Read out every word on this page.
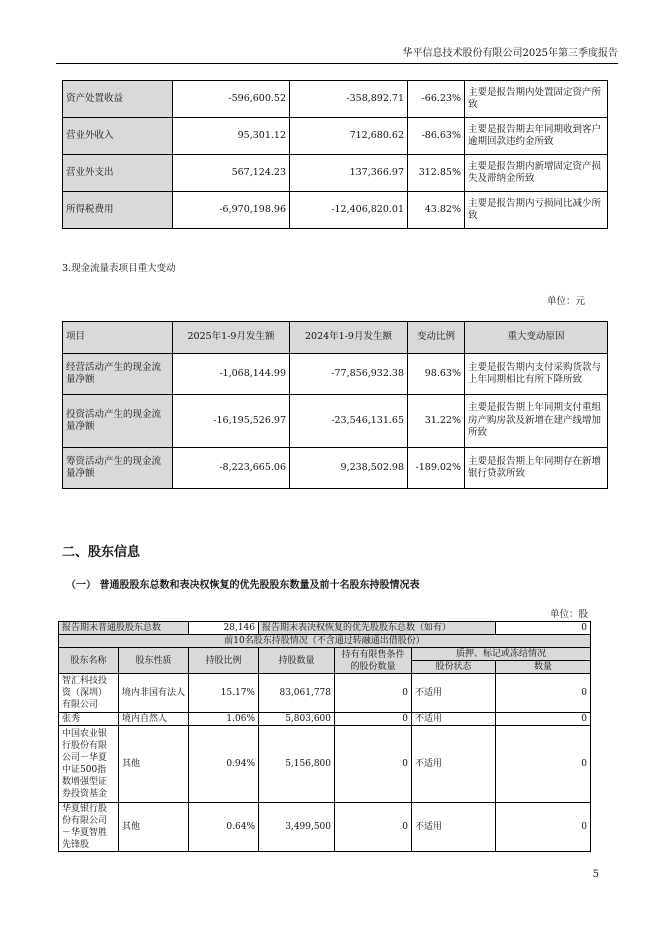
华平信息技术股份有限公司2025年第三季度报告
资产处置收益	-596,600.52	-358,892.71	-66.23%	主要是报告期内处置固定资产所致
营业外收入	95,301.12	712,680.62	-86.63%	主要是报告期去年同期收到客户逾期回款违约金所致
营业外支出	567,124.23	137,366.97	312.85%	主要是报告期内新增固定资产损失及滞纳金所致
所得税费用	-6,970,198.96	-12,406,820.01	43.82%	主要是报告期内亏损同比减少所致
3.现金流量表项目重大变动
单位：元
项目	2025年1-9月发生额	2024年1-9月发生额	变动比例	重大变动原因
经营活动产生的现金流量净额	-1,068,144.99	-77,856,932.38	98.63%	主要是报告期内支付采购货款与上年同期相比有所下降所致
投资活动产生的现金流量净额	-16,195,526.97	-23,546,131.65	31.22%	主要是报告期上年同期支付重组房产购房款及新增在建产线增加所致
筹资活动产生的现金流量净额	-8,223,665.06	9,238,502.98	-189.02%	主要是报告期上年同期存在新增银行贷款所致
二、股东信息
（一） 普通股股东总数和表决权恢复的优先股股东数量及前十名股东持股情况表
单位：股
报告期末普通股股东总数		28,146	报告期末表决权恢复的优先股股东总数（如有）			0
前10名股东持股情况（不含通过转融通出借股份）						
股东名称	股东性质	持股比例	持股数量	持有有限售条件的股份数量	质押、标记或冻结情况	
					股份状态	数量
智汇科技投资（深圳）有限公司	境内非国有法人	15.17%	83,061,778	0	不适用	0
张秀	境内自然人	1.06%	5,803,600	0	不适用	0
中国农业银行股份有限公司－华夏中证500指数增强型证券投资基金	其他	0.94%	5,156,800	0	不适用	0
华夏银行股份有限公司－华夏智胜先锋股	其他	0.64%	3,499,500	0	不适用	0
5
